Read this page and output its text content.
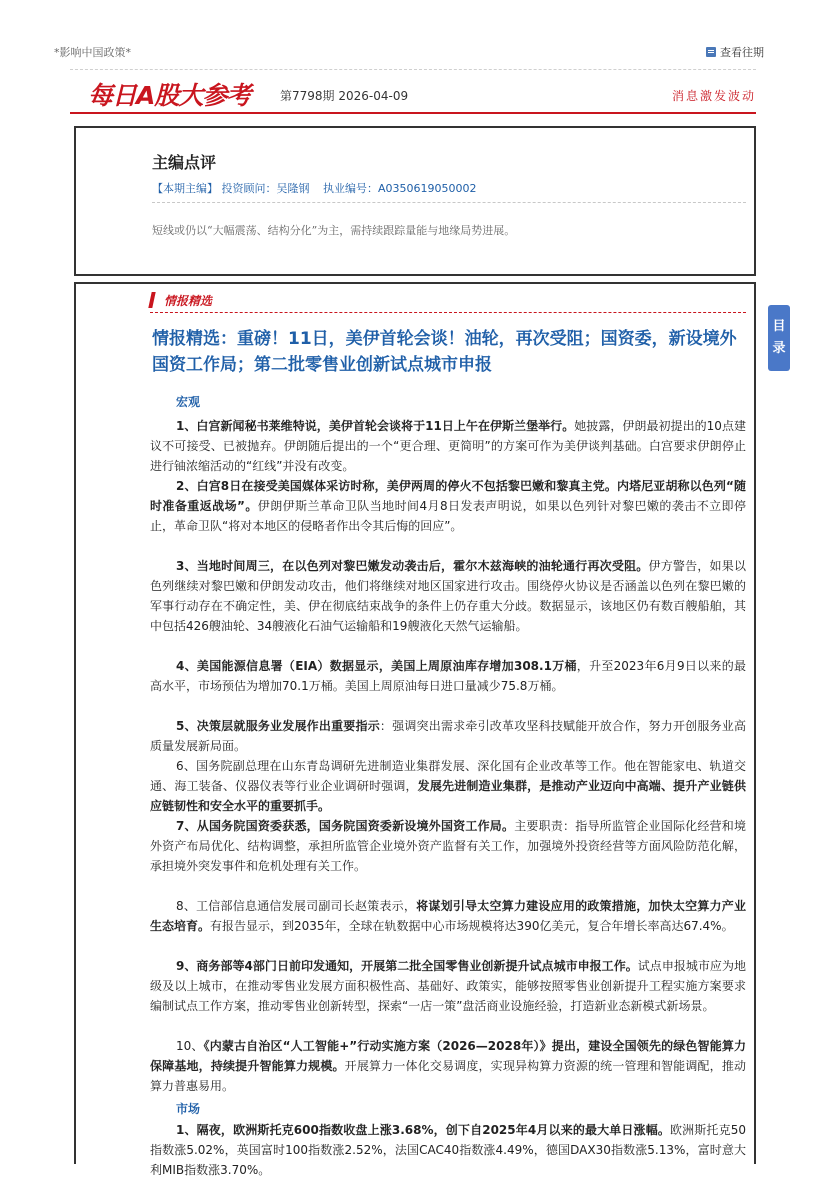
*影响中国政策*	查看往期
每日A股大参考 第7798期 2026-04-09	消息激发波动
主编点评
【本期主编】 投资顾问：吴隆钢 执业编号：A0350619050002
短线或仍以“大幅震荡、结构分化”为主，需持续跟踪量能与地缘局势进展。
情报精选
情报精选：重磅！11日，美伊首轮会谈！油轮，再次受阻；国资委，新设境外国资工作局；第二批零售业创新试点城市申报
目
录
宏观
1、白宫新闻秘书莱维特说，美伊首轮会谈将于11日上午在伊斯兰堡举行。她披露，伊朗最初提出的10点建议不可接受、已被抛弃。伊朗随后提出的一个“更合理、更简明”的方案可作为美伊谈判基础。白宫要求伊朗停止进行铀浓缩活动的“红线”并没有改变。
2、白宫8日在接受美国媒体采访时称，美伊两周的停火不包括黎巴嫩和黎真主党。内塔尼亚胡称以色列“随时准备重返战场”。伊朗伊斯兰革命卫队当地时间4月8日发表声明说，如果以色列针对黎巴嫩的袭击不立即停止，革命卫队“将对本地区的侵略者作出令其后悔的回应”。
3、当地时间周三，在以色列对黎巴嫩发动袭击后，霍尔木兹海峡的油轮通行再次受阻。伊方警告，如果以色列继续对黎巴嫩和伊朗发动攻击，他们将继续对地区国家进行攻击。围绕停火协议是否涵盖以色列在黎巴嫩的军事行动存在不确定性，美、伊在彻底结束战争的条件上仍存重大分歧。数据显示，该地区仍有数百艘船舶，其中包括426艘油轮、34艘液化石油气运输船和19艘液化天然气运输船。
4、美国能源信息署（EIA）数据显示，美国上周原油库存增加308.1万桶，升至2023年6月9日以来的最高水平，市场预估为增加70.1万桶。美国上周原油每日进口量减少75.8万桶。
5、决策层就服务业发展作出重要指示：强调突出需求牵引改革攻坚科技赋能开放合作，努力开创服务业高质量发展新局面。
6、国务院副总理在山东青岛调研先进制造业集群发展、深化国有企业改革等工作。他在智能家电、轨道交通、海工装备、仪器仪表等行业企业调研时强调，发展先进制造业集群，是推动产业迈向中高端、提升产业链供应链韧性和安全水平的重要抓手。
7、从国务院国资委获悉，国务院国资委新设境外国资工作局。主要职责：指导所监管企业国际化经营和境外资产布局优化、结构调整，承担所监管企业境外资产监督有关工作，加强境外投资经营等方面风险防范化解，承担境外突发事件和危机处理有关工作。
8、工信部信息通信发展司副司长赵策表示，将谋划引导太空算力建设应用的政策措施，加快太空算力产业生态培育。有报告显示，到2035年，全球在轨数据中心市场规模将达390亿美元，复合年增长率高达67.4%。
9、商务部等4部门日前印发通知，开展第二批全国零售业创新提升试点城市申报工作。试点申报城市应为地级及以上城市，在推动零售业发展方面积极性高、基础好、政策实，能够按照零售业创新提升工程实施方案要求编制试点工作方案，推动零售业创新转型，探索“一店一策”盘活商业设施经验，打造新业态新模式新场景。
10、《内蒙古自治区“人工智能+”行动实施方案（2026—2028年）》提出，建设全国领先的绿色智能算力保障基地，持续提升智能算力规模。开展算力一体化交易调度，实现异构算力资源的统一管理和智能调配，推动算力普惠易用。
市场
1、隔夜，欧洲斯托克600指数收盘上涨3.68%，创下自2025年4月以来的最大单日涨幅。欧洲斯托克50指数涨5.02%，英国富时100指数涨2.52%，法国CAC40指数涨4.49%，德国DAX30指数涨5.13%，富时意大利MIB指数涨3.70%。
